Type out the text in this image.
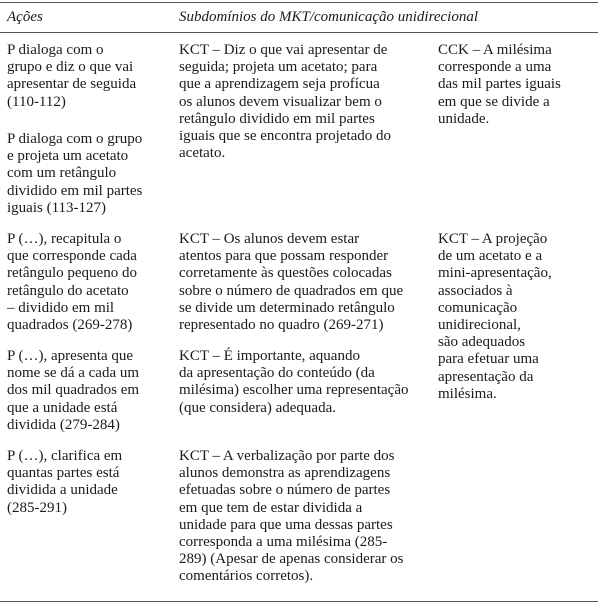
Ações	Subdomínios do MKT/comunicação unidirecional
P dialoga com o
grupo e diz o que vai
apresentar de seguida
(110-112)
P dialoga com o grupo
e projeta um acetato
com um retângulo
dividido em mil partes
iguais (113-127)
KCT – Diz o que vai apresentar de
seguida; projeta um acetato; para
que a aprendizagem seja profícua
os alunos devem visualizar bem o
retângulo dividido em mil partes
iguais que se encontra projetado do
acetato.
CCK – A milésima
corresponde a uma
das mil partes iguais
em que se divide a
unidade.
P (…), recapitula o
que corresponde cada
retângulo pequeno do
retângulo do acetato
– dividido em mil
quadrados (269-278)
KCT – Os alunos devem estar
atentos para que possam responder
corretamente às questões colocadas
sobre o número de quadrados em que
se divide um determinado retângulo
representado no quadro (269-271)
KCT – A projeção
de um acetato e a
mini-apresentação,
associados à
comunicação
unidirecional,
são adequados
para efetuar uma
apresentação da
milésima.
P (…), apresenta que
nome se dá a cada um
dos mil quadrados em
que a unidade está
dividida (279-284)
KCT – É importante, aquando
da apresentação do conteúdo (da
milésima) escolher uma representação
(que considera) adequada.
P (…), clarifica em
quantas partes está
dividida a unidade
(285-291)
KCT – A verbalização por parte dos
alunos demonstra as aprendizagens
efetuadas sobre o número de partes
em que tem de estar dividida a
unidade para que uma dessas partes
corresponda a uma milésima (285-
289) (Apesar de apenas considerar os
comentários corretos).
